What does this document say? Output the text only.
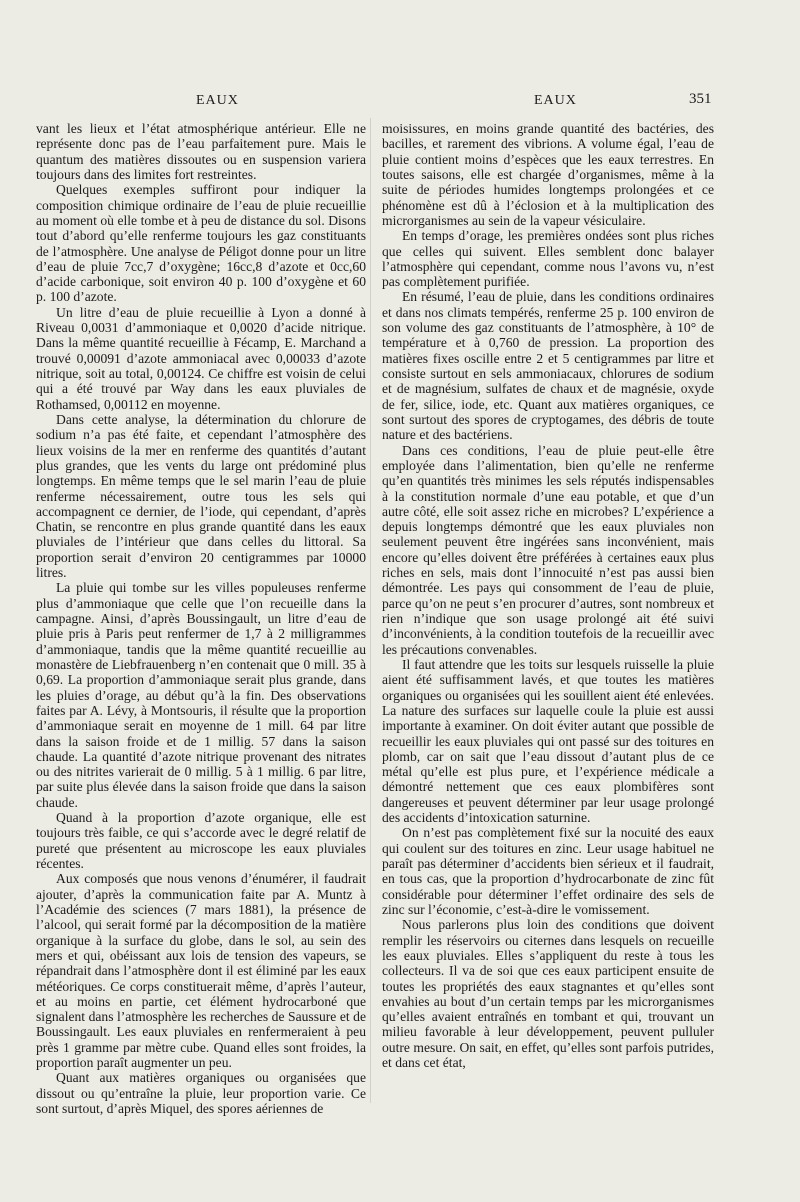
EAUX	EAUX	351

vant les lieux et l’état atmosphérique antérieur. Elle ne représente donc pas de l’eau parfaitement pure. Mais le quantum des matières dissoutes ou en suspension variera toujours dans des limites fort restreintes.

Quelques exemples suffiront pour indiquer la composition chimique ordinaire de l’eau de pluie recueillie au moment où elle tombe et à peu de distance du sol. Disons tout d’abord qu’elle renferme toujours les gaz constituants de l’atmosphère. Une analyse de Péligot donne pour un litre d’eau de pluie 7cc,7 d’oxygène; 16cc,8 d’azote et 0cc,60 d’acide carbonique, soit environ 40 p. 100 d’oxygène et 60 p. 100 d’azote.

Un litre d’eau de pluie recueillie à Lyon a donné à Riveau 0,0031 d’ammoniaque et 0,0020 d’acide nitrique. Dans la même quantité recueillie à Fécamp, E. Marchand a trouvé 0,00091 d’azote ammoniacal avec 0,00033 d’azote nitrique, soit au total, 0,00124. Ce chiffre est voisin de celui qui a été trouvé par Way dans les eaux pluviales de Rothamsed, 0,00112 en moyenne.

Dans cette analyse, la détermination du chlorure de sodium n’a pas été faite, et cependant l’atmosphère des lieux voisins de la mer en renferme des quantités d’autant plus grandes, que les vents du large ont prédominé plus longtemps. En même temps que le sel marin l’eau de pluie renferme nécessairement, outre tous les sels qui accompagnent ce dernier, de l’iode, qui cependant, d’après Chatin, se rencontre en plus grande quantité dans les eaux pluviales de l’intérieur que dans celles du littoral. Sa proportion serait d’environ 20 centigrammes par 10000 litres.

La pluie qui tombe sur les villes populeuses renferme plus d’ammoniaque que celle que l’on recueille dans la campagne. Ainsi, d’après Boussingault, un litre d’eau de pluie pris à Paris peut renfermer de 1,7 à 2 milligrammes d’ammoniaque, tandis que la même quantité recueillie au monastère de Liebfrauenberg n’en contenait que 0 mill. 35 à 0,69. La proportion d’ammoniaque serait plus grande, dans les pluies d’orage, au début qu’à la fin. Des observations faites par A. Lévy, à Montsouris, il résulte que la proportion d’ammoniaque serait en moyenne de 1 mill. 64 par litre dans la saison froide et de 1 millig. 57 dans la saison chaude. La quantité d’azote nitrique provenant des nitrates ou des nitrites varierait de 0 millig. 5 à 1 millig. 6 par litre, par suite plus élevée dans la saison froide que dans la saison chaude.

Quand à la proportion d’azote organique, elle est toujours très faible, ce qui s’accorde avec le degré relatif de pureté que présentent au microscope les eaux pluviales récentes.

Aux composés que nous venons d’énumérer, il faudrait ajouter, d’après la communication faite par A. Muntz à l’Académie des sciences (7 mars 1881), la présence de l’alcool, qui serait formé par la décomposition de la matière organique à la surface du globe, dans le sol, au sein des mers et qui, obéissant aux lois de tension des vapeurs, se répandrait dans l’atmosphère dont il est éliminé par les eaux météoriques. Ce corps constituerait même, d’après l’auteur, et au moins en partie, cet élément hydrocarboné que signalent dans l’atmosphère les recherches de Saussure et de Boussingault. Les eaux pluviales en renfermeraient à peu près 1 gramme par mètre cube. Quand elles sont froides, la proportion paraît augmenter un peu.

Quant aux matières organiques ou organisées que dissout ou qu’entraîne la pluie, leur proportion varie. Ce sont surtout, d’après Miquel, des spores aériennes de

moisissures, en moins grande quantité des bactéries, des bacilles, et rarement des vibrions. A volume égal, l’eau de pluie contient moins d’espèces que les eaux terrestres. En toutes saisons, elle est chargée d’organismes, même à la suite de périodes humides longtemps prolongées et ce phénomène est dû à l’éclosion et à la multiplication des microrganismes au sein de la vapeur vésiculaire.

En temps d’orage, les premières ondées sont plus riches que celles qui suivent. Elles semblent donc balayer l’atmosphère qui cependant, comme nous l’avons vu, n’est pas complètement purifiée.

En résumé, l’eau de pluie, dans les conditions ordinaires et dans nos climats tempérés, renferme 25 p. 100 environ de son volume des gaz constituants de l’atmosphère, à 10° de température et à 0,760 de pression. La proportion des matières fixes oscille entre 2 et 5 centigrammes par litre et consiste surtout en sels ammoniacaux, chlorures de sodium et de magnésium, sulfates de chaux et de magnésie, oxyde de fer, silice, iode, etc. Quant aux matières organiques, ce sont surtout des spores de cryptogames, des débris de toute nature et des bactériens.

Dans ces conditions, l’eau de pluie peut-elle être employée dans l’alimentation, bien qu’elle ne renferme qu’en quantités très minimes les sels réputés indispensables à la constitution normale d’une eau potable, et que d’un autre côté, elle soit assez riche en microbes? L’expérience a depuis longtemps démontré que les eaux pluviales non seulement peuvent être ingérées sans inconvénient, mais encore qu’elles doivent être préférées à certaines eaux plus riches en sels, mais dont l’innocuité n’est pas aussi bien démontrée. Les pays qui consomment de l’eau de pluie, parce qu’on ne peut s’en procurer d’autres, sont nombreux et rien n’indique que son usage prolongé ait été suivi d’inconvénients, à la condition toutefois de la recueillir avec les précautions convenables.

Il faut attendre que les toits sur lesquels ruisselle la pluie aient été suffisamment lavés, et que toutes les matières organiques ou organisées qui les souillent aient été enlevées. La nature des surfaces sur laquelle coule la pluie est aussi importante à examiner. On doit éviter autant que possible de recueillir les eaux pluviales qui ont passé sur des toitures en plomb, car on sait que l’eau dissout d’autant plus de ce métal qu’elle est plus pure, et l’expérience médicale a démontré nettement que ces eaux plombifères sont dangereuses et peuvent déterminer par leur usage prolongé des accidents d’intoxication saturnine.

On n’est pas complètement fixé sur la nocuité des eaux qui coulent sur des toitures en zinc. Leur usage habituel ne paraît pas déterminer d’accidents bien sérieux et il faudrait, en tous cas, que la proportion d’hydrocarbonate de zinc fût considérable pour déterminer l’effet ordinaire des sels de zinc sur l’économie, c’est-à-dire le vomissement.

Nous parlerons plus loin des conditions que doivent remplir les réservoirs ou citernes dans lesquels on recueille les eaux pluviales. Elles s’appliquent du reste à tous les collecteurs. Il va de soi que ces eaux participent ensuite de toutes les propriétés des eaux stagnantes et qu’elles sont envahies au bout d’un certain temps par les microrganismes qu’elles avaient entraînés en tombant et qui, trouvant un milieu favorable à leur développement, peuvent pulluler outre mesure. On sait, en effet, qu’elles sont parfois putrides, et dans cet état,
